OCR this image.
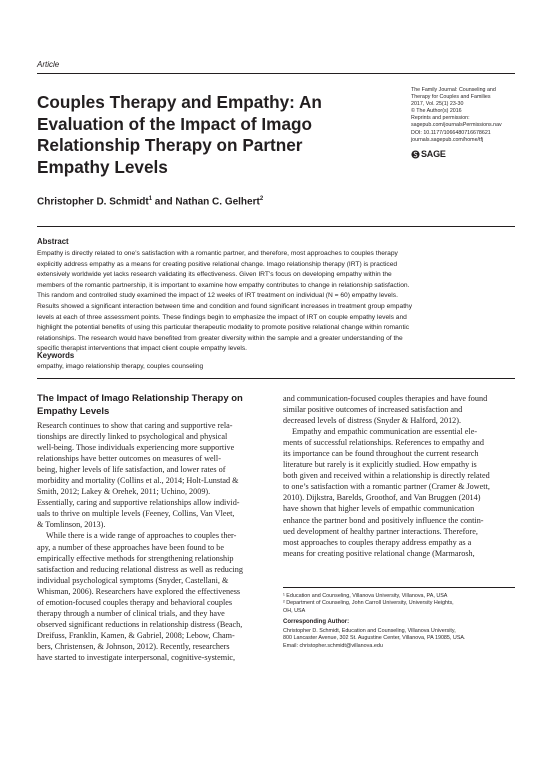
Article
Couples Therapy and Empathy: An Evaluation of the Impact of Imago Relationship Therapy on Partner Empathy Levels
The Family Journal: Counseling and
Therapy for Couples and Families
2017, Vol. 25(1) 23-30
© The Author(s) 2016
Reprints and permission:
sagepub.com/journalsPermissions.nav
DOI: 10.1177/1066480716678621
journals.sagepub.com/home/tfj
SAGE
Christopher D. Schmidt$^1$ and Nathan C. Gelhert$^2$
Abstract
Empathy is directly related to one’s satisfaction with a romantic partner, and therefore, most approaches to couples therapy
explicitly address empathy as a means for creating positive relational change. Imago relationship therapy (IRT) is practiced
extensively worldwide yet lacks research validating its effectiveness. Given IRT’s focus on developing empathy within the
members of the romantic partnership, it is important to examine how empathy contributes to change in relationship satisfaction.
This random and controlled study examined the impact of 12 weeks of IRT treatment on individual (N = 60) empathy levels.
Results showed a significant interaction between time and condition and found significant increases in treatment group empathy
levels at each of three assessment points. These findings begin to emphasize the impact of IRT on couple empathy levels and
highlight the potential benefits of using this particular therapeutic modality to promote positive relational change within romantic
relationships. The research would have benefited from greater diversity within the sample and a greater understanding of the
specific therapist interventions that impact client couple empathy levels.
Keywords
empathy, imago relationship therapy, couples counseling
The Impact of Imago Relationship Therapy on Empathy Levels
Research continues to show that caring and supportive rela-
tionships are directly linked to psychological and physical
well-being. Those individuals experiencing more supportive
relationships have better outcomes on measures of well-
being, higher levels of life satisfaction, and lower rates of
morbidity and mortality (Collins et al., 2014; Holt-Lunstad &
Smith, 2012; Lakey & Orehek, 2011; Uchino, 2009).
Essentially, caring and supportive relationships allow individ-
uals to thrive on multiple levels (Feeney, Collins, Van Vleet,
& Tomlinson, 2013).
While there is a wide range of approaches to couples ther-
apy, a number of these approaches have been found to be
empirically effective methods for strengthening relationship
satisfaction and reducing relational distress as well as reducing
individual psychological symptoms (Snyder, Castellani, &
Whisman, 2006). Researchers have explored the effectiveness
of emotion-focused couples therapy and behavioral couples
therapy through a number of clinical trials, and they have
observed significant reductions in relationship distress (Beach,
Dreifuss, Franklin, Kamen, & Gabriel, 2008; Lebow, Cham-
bers, Christensen, & Johnson, 2012). Recently, researchers
have started to investigate interpersonal, cognitive-systemic,
and communication-focused couples therapies and have found
similar positive outcomes of increased satisfaction and
decreased levels of distress (Snyder & Halford, 2012).
Empathy and empathic communication are essential ele-
ments of successful relationships. References to empathy and
its importance can be found throughout the current research
literature but rarely is it explicitly studied. How empathy is
both given and received within a relationship is directly related
to one’s satisfaction with a romantic partner (Cramer & Jowett,
2010). Dijkstra, Barelds, Groothof, and Van Bruggen (2014)
have shown that higher levels of empathic communication
enhance the partner bond and positively influence the contin-
ued development of healthy partner interactions. Therefore,
most approaches to couples therapy address empathy as a
means for creating positive relational change (Marmarosh,
¹ Education and Counseling, Villanova University, Villanova, PA, USA
² Department of Counseling, John Carroll University, University Heights,
OH, USA
Corresponding Author:
Christopher D. Schmidt, Education and Counseling, Villanova University,
800 Lancaster Avenue, 302 St. Augustine Center, Villanova, PA 19085, USA.
Email: christopher.schmidt@villanova.edu
